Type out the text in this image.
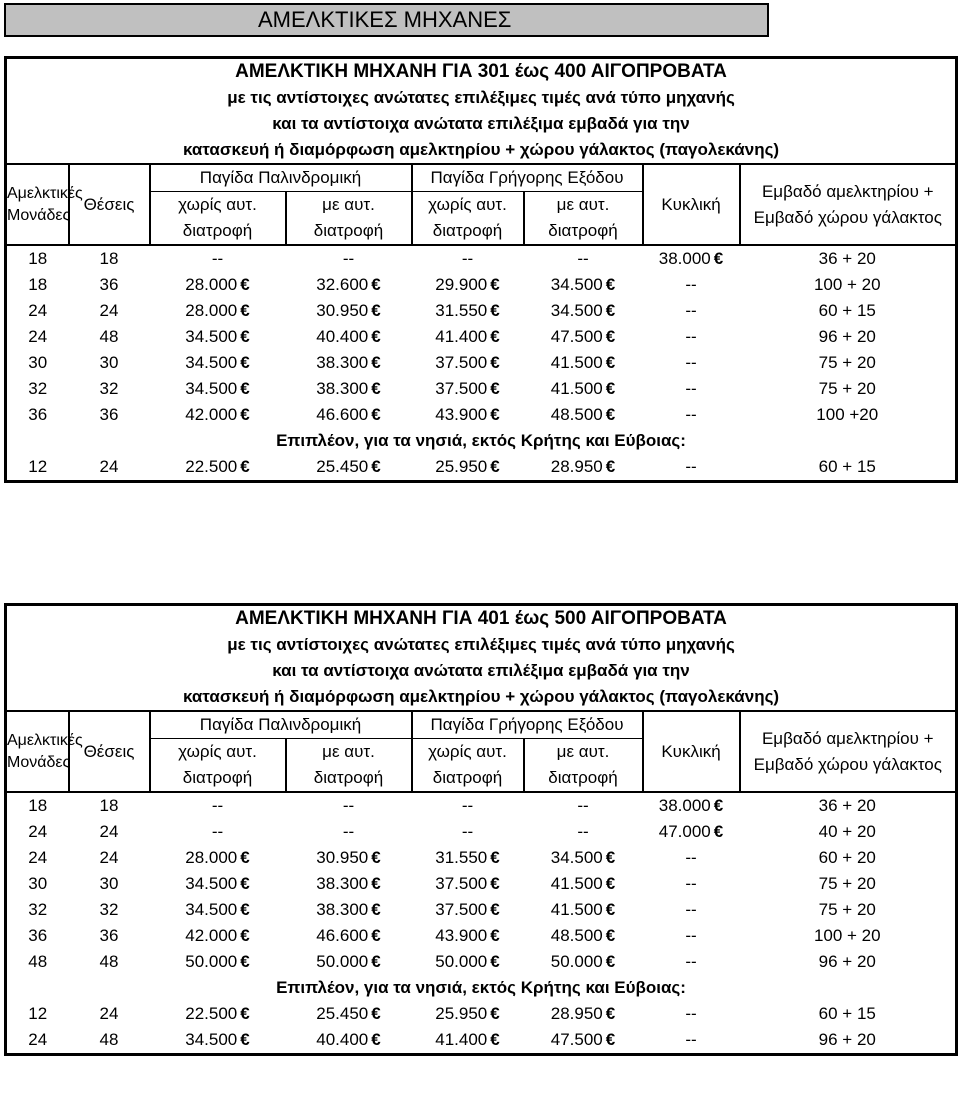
ΑΜΕΛΚΤΙΚΕΣ ΜΗΧΑΝΕΣ
ΑΜΕΛΚΤΙΚΗ ΜΗΧΑΝΗ ΓΙΑ 301 έως 400 ΑΙΓΟΠΡΟΒΑΤΑ							
με τις αντίστοιχες ανώτατες επιλέξιμες τιμές ανά τύπο μηχανής							
και τα αντίστοιχα ανώτατα επιλέξιμα εμβαδά για την							
κατασκευή ή διαμόρφωση αμελκτηρίου + χώρου γάλακτος (παγολεκάνης)							
Αμελκτικές Μονάδες	Θέσεις	Παγίδα Παλινδρομική		Παγίδα Γρήγορης Εξόδου		Κυκλική	Εμβαδό αμελκτηρίου + Εμβαδό χώρου γάλακτος
		χωρίς αυτ. διατροφή	με αυτ. διατροφή	χωρίς αυτ. διατροφή	με αυτ. διατροφή		
18	18	--	--	--	--	38.000 €	36 + 20
18	36	28.000 €	32.600 €	29.900 €	34.500 €	--	100 + 20
24	24	28.000 €	30.950 €	31.550 €	34.500 €	--	60 + 15
24	48	34.500 €	40.400 €	41.400 €	47.500 €	--	96 + 20
30	30	34.500 €	38.300 €	37.500 €	41.500 €	--	75 + 20
32	32	34.500 €	38.300 €	37.500 €	41.500 €	--	75 + 20
36	36	42.000 €	46.600 €	43.900 €	48.500 €	--	100 +20
Επιπλέον, για τα νησιά, εκτός Κρήτης και Εύβοιας:							
12	24	22.500 €	25.450 €	25.950 €	28.950 €	--	60 + 15
ΑΜΕΛΚΤΙΚΗ ΜΗΧΑΝΗ ΓΙΑ 401 έως 500 ΑΙΓΟΠΡΟΒΑΤΑ							
με τις αντίστοιχες ανώτατες επιλέξιμες τιμές ανά τύπο μηχανής							
και τα αντίστοιχα ανώτατα επιλέξιμα εμβαδά για την							
κατασκευή ή διαμόρφωση αμελκτηρίου + χώρου γάλακτος (παγολεκάνης)							
Αμελκτικές Μονάδες	Θέσεις	Παγίδα Παλινδρομική		Παγίδα Γρήγορης Εξόδου		Κυκλική	Εμβαδό αμελκτηρίου + Εμβαδό χώρου γάλακτος
		χωρίς αυτ. διατροφή	με αυτ. διατροφή	χωρίς αυτ. διατροφή	με αυτ. διατροφή		
18	18	--	--	--	--	38.000 €	36 + 20
24	24	--	--	--	--	47.000 €	40 + 20
24	24	28.000 €	30.950 €	31.550 €	34.500 €	--	60 + 20
30	30	34.500 €	38.300 €	37.500 €	41.500 €	--	75 + 20
32	32	34.500 €	38.300 €	37.500 €	41.500 €	--	75 + 20
36	36	42.000 €	46.600 €	43.900 €	48.500 €	--	100 + 20
48	48	50.000 €	50.000 €	50.000 €	50.000 €	--	96 + 20
Επιπλέον, για τα νησιά, εκτός Κρήτης και Εύβοιας:							
12	24	22.500 €	25.450 €	25.950 €	28.950 €	--	60 + 15
24	48	34.500 €	40.400 €	41.400 €	47.500 €	--	96 + 20
